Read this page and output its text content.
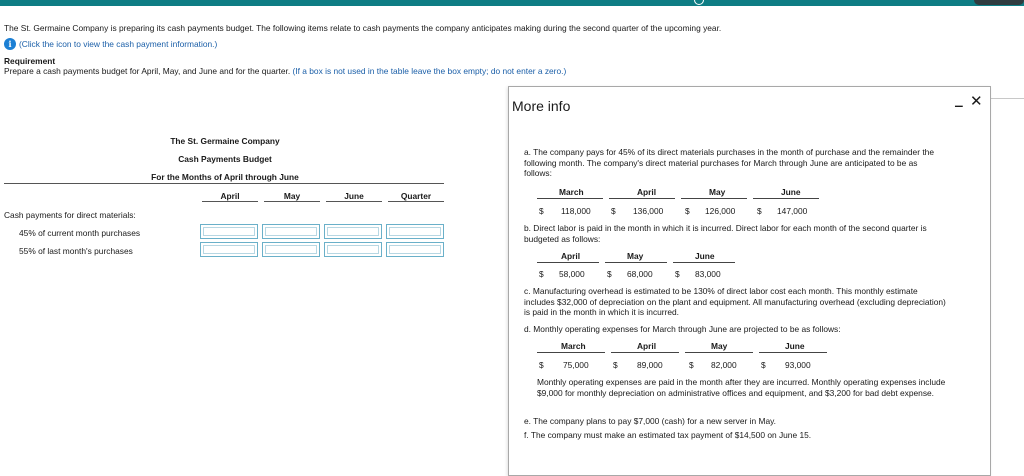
The St. Germaine Company is preparing its cash payments budget. The following items relate to cash payments the company anticipates making during the second quarter of the upcoming year.
i (Click the icon to view the cash payment information.)
Requirement
Prepare a cash payments budget for April, May, and June and for the quarter. (If a box is not used in the table leave the box empty; do not enter a zero.)
The St. Germaine Company
Cash Payments Budget
For the Months of April through June
April	May	June	Quarter
Cash payments for direct materials:
45% of current month purchases
55% of last month's purchases
More info	‒ ✕
a. The company pays for 45% of its direct materials purchases in the month of purchase and the remainder the following month. The company's direct material purchases for March through June are anticipated to be as follows:
March	April	May	June
$ 118,000 $ 136,000	$ 126,000	$ 147,000
b. Direct labor is paid in the month in which it is incurred. Direct labor for each month of the second quarter is budgeted as follows:
April	May	June
$ 58,000	$ 68,000	$ 83,000
c. Manufacturing overhead is estimated to be 130% of direct labor cost each month. This monthly estimate includes $32,000 of depreciation on the plant and equipment. All manufacturing overhead (excluding depreciation) is paid in the month in which it is incurred.
d. Monthly operating expenses for March through June are projected to be as follows:
March	April	May	June
$ 75,000	$ 89,000	$ 82,000	$ 93,000
Monthly operating expenses are paid in the month after they are incurred. Monthly operating expenses include $9,000 for monthly depreciation on administrative offices and equipment, and $3,200 for bad debt expense.
e. The company plans to pay $7,000 (cash) for a new server in May.
f. The company must make an estimated tax payment of $14,500 on June 15.
